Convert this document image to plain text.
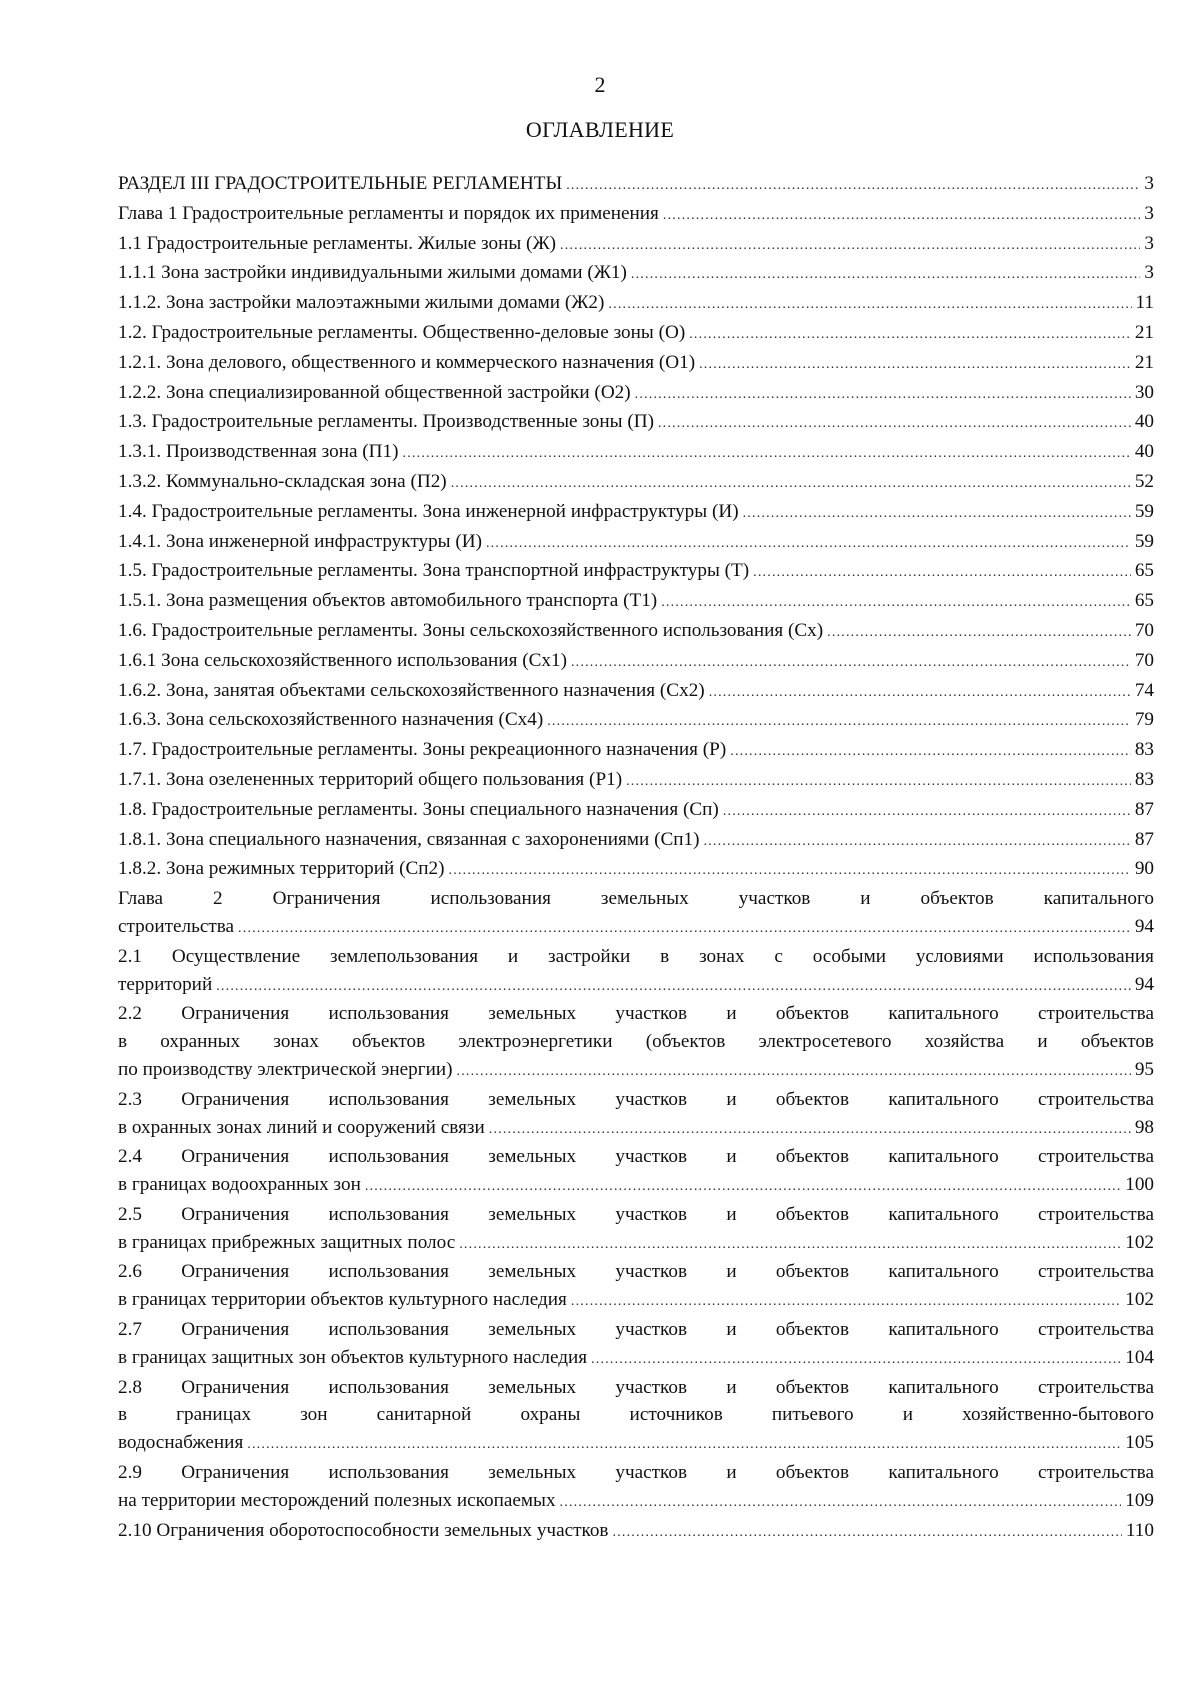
2
ОГЛАВЛЕНИЕ
РАЗДЕЛ III ГРАДОСТРОИТЕЛЬНЫЕ РЕГЛАМЕНТЫ .....	3
Глава 1 Градостроительные регламенты и порядок их применения .....	3
1.1 Градостроительные регламенты. Жилые зоны (Ж) .....	3
1.1.1 Зона застройки индивидуальными жилыми домами (Ж1) .....	3
1.1.2. Зона застройки малоэтажными жилыми домами (Ж2) .....	11
1.2. Градостроительные регламенты. Общественно-деловые зоны (О) .....	21
1.2.1. Зона делового, общественного и коммерческого назначения (О1) .....	21
1.2.2. Зона специализированной общественной застройки (О2) .....	30
1.3. Градостроительные регламенты. Производственные зоны (П) .....	40
1.3.1. Производственная зона (П1) .....	40
1.3.2. Коммунально-складская зона (П2) .....	52
1.4. Градостроительные регламенты. Зона инженерной инфраструктуры (И) .....	59
1.4.1. Зона инженерной инфраструктуры (И) .....	59
1.5. Градостроительные регламенты. Зона транспортной инфраструктуры (Т) .....	65
1.5.1. Зона размещения объектов автомобильного транспорта (Т1) .....	65
1.6. Градостроительные регламенты. Зоны сельскохозяйственного использования (Сх) .....	70
1.6.1 Зона сельскохозяйственного использования (Сх1) .....	70
1.6.2. Зона, занятая объектами сельскохозяйственного назначения (Сх2) .....	74
1.6.3. Зона сельскохозяйственного назначения (Сх4) .....	79
1.7. Градостроительные регламенты. Зоны рекреационного назначения (Р) .....	83
1.7.1. Зона озелененных территорий общего пользования (Р1) .....	83
1.8. Градостроительные регламенты. Зоны специального назначения (Сп) .....	87
1.8.1. Зона специального назначения, связанная с захоронениями (Сп1) .....	87
1.8.2. Зона режимных территорий (Сп2) .....	90
Глава 2 Ограничения использования земельных участков и объектов капитального
строительства .....	94
2.1 Осуществление землепользования и застройки в зонах с особыми условиями использования
территорий .....	94
2.2 Ограничения использования земельных участков и объектов капитального строительства
в охранных зонах объектов электроэнергетики (объектов электросетевого хозяйства и объектов
по производству электрической энергии) .....	95
2.3 Ограничения использования земельных участков и объектов капитального строительства
в охранных зонах линий и сооружений связи .....	98
2.4 Ограничения использования земельных участков и объектов капитального строительства
в границах водоохранных зон .....	100
2.5 Ограничения использования земельных участков и объектов капитального строительства
в границах прибрежных защитных полос .....	102
2.6 Ограничения использования земельных участков и объектов капитального строительства
в границах территории объектов культурного наследия .....	102
2.7 Ограничения использования земельных участков и объектов капитального строительства
в границах защитных зон объектов культурного наследия .....	104
2.8 Ограничения использования земельных участков и объектов капитального строительства
в границах зон санитарной охраны источников питьевого и хозяйственно-бытового
водоснабжения .....	105
2.9 Ограничения использования земельных участков и объектов капитального строительства
на территории месторождений полезных ископаемых .....	109
2.10 Ограничения оборотоспособности земельных участков .....	110
